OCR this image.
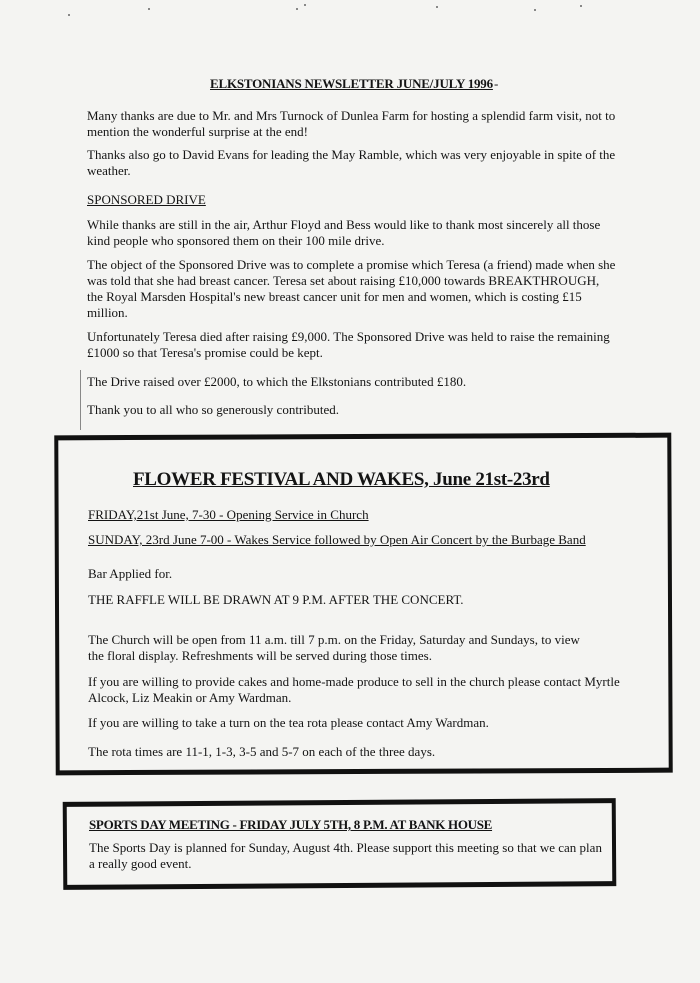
ELKSTONIANS NEWSLETTER JUNE/JULY 1996 -

Many thanks are due to Mr. and Mrs Turnock of Dunlea Farm for hosting a splendid farm visit, not to mention the wonderful surprise at the end!

Thanks also go to David Evans for leading the May Ramble, which was very enjoyable in spite of the weather.

SPONSORED DRIVE

While thanks are still in the air, Arthur Floyd and Bess would like to thank most sincerely all those kind people who sponsored them on their 100 mile drive.

The object of the Sponsored Drive was to complete a promise which Teresa (a friend) made when she was told that she had breast cancer. Teresa set about raising £10,000 towards BREAKTHROUGH, the Royal Marsden Hospital's new breast cancer unit for men and women, which is costing £15 million.

Unfortunately Teresa died after raising £9,000. The Sponsored Drive was held to raise the remaining £1000 so that Teresa's promise could be kept.

The Drive raised over £2000, to which the Elkstonians contributed £180.

Thank you to all who so generously contributed.

FLOWER FESTIVAL AND WAKES, June 21st-23rd

FRIDAY,21st June, 7-30 - Opening Service in Church

SUNDAY, 23rd June 7-00 - Wakes Service followed by Open Air Concert by the Burbage Band

Bar Applied for.

THE RAFFLE WILL BE DRAWN AT 9 P.M. AFTER THE CONCERT.

The Church will be open from 11 a.m. till 7 p.m. on the Friday, Saturday and Sundays, to view the floral display. Refreshments will be served during those times.

If you are willing to provide cakes and home-made produce to sell in the church please contact Myrtle Alcock, Liz Meakin or Amy Wardman.

If you are willing to take a turn on the tea rota please contact Amy Wardman.

The rota times are 11-1, 1-3, 3-5 and 5-7 on each of the three days.

SPORTS DAY MEETING - FRIDAY JULY 5TH, 8 P.M. AT BANK HOUSE

The Sports Day is planned for Sunday, August 4th. Please support this meeting so that we can plan a really good event.
